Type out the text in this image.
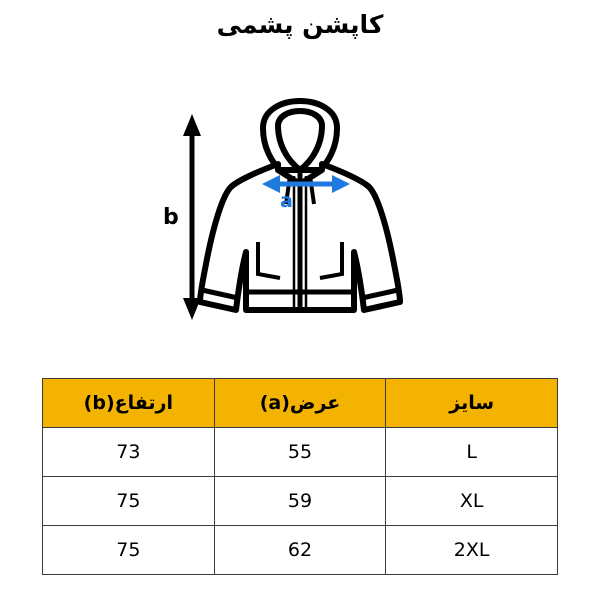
کاپشن پشمی
b
a
ارتفاع(b)	عرض(a)	سایز
73	55	L
75	59	XL
75	62	2XL
